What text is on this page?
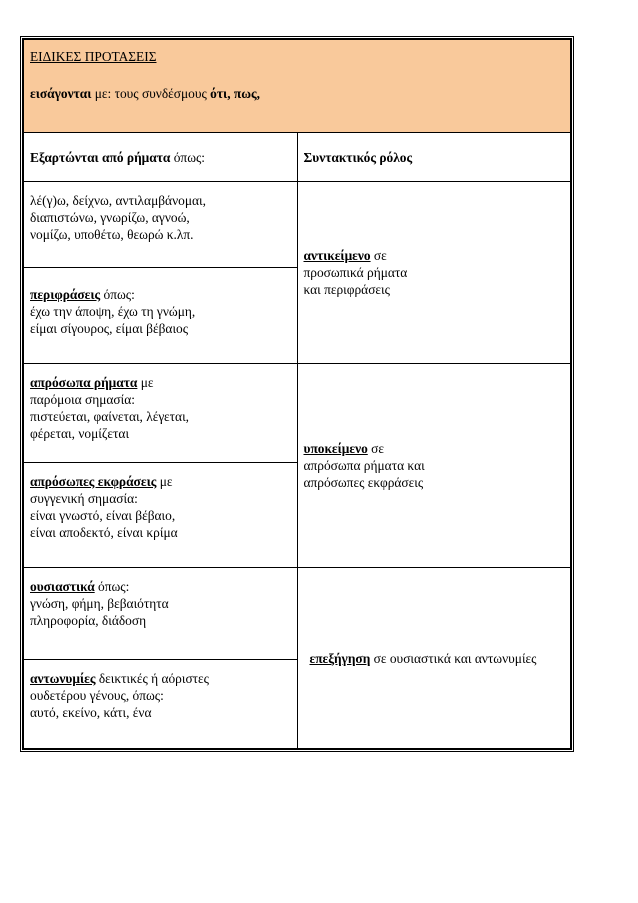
ΕΙΔΙΚΕΣ ΠΡΟΤΑΣΕΙΣ
εισάγονται με: τους συνδέσμους ότι, πως,	
Εξαρτώνται από ρήματα όπως:	Συντακτικός ρόλος

λέ(γ)ω, δείχνω, αντιλαμβάνομαι,
διαπιστώνω, γνωρίζω, αγνοώ,
νομίζω, υποθέτω, θεωρώ κ.λπ.	αντικείμενο σε
προσωπικά ρήματα
και περιφράσεις

περιφράσεις όπως:
έχω την άποψη, έχω τη γνώμη,
είμαι σίγουρος, είμαι βέβαιος	

απρόσωπα ρήματα με
παρόμοια σημασία:
πιστεύεται, φαίνεται, λέγεται,
φέρεται, νομίζεται	υποκείμενο σε
απρόσωπα ρήματα και
απρόσωπες εκφράσεις

απρόσωπες εκφράσεις με
συγγενική σημασία:
είναι γνωστό, είναι βέβαιο,
είναι αποδεκτό, είναι κρίμα	

ουσιαστικά όπως:
γνώση, φήμη, βεβαιότητα
πληροφορία, διάδοση	επεξήγηση σε ουσιαστικά και αντωνυμίες

αντωνυμίες δεικτικές ή αόριστες
ουδετέρου γένους, όπως:
αυτό, εκείνο, κάτι, ένα	
